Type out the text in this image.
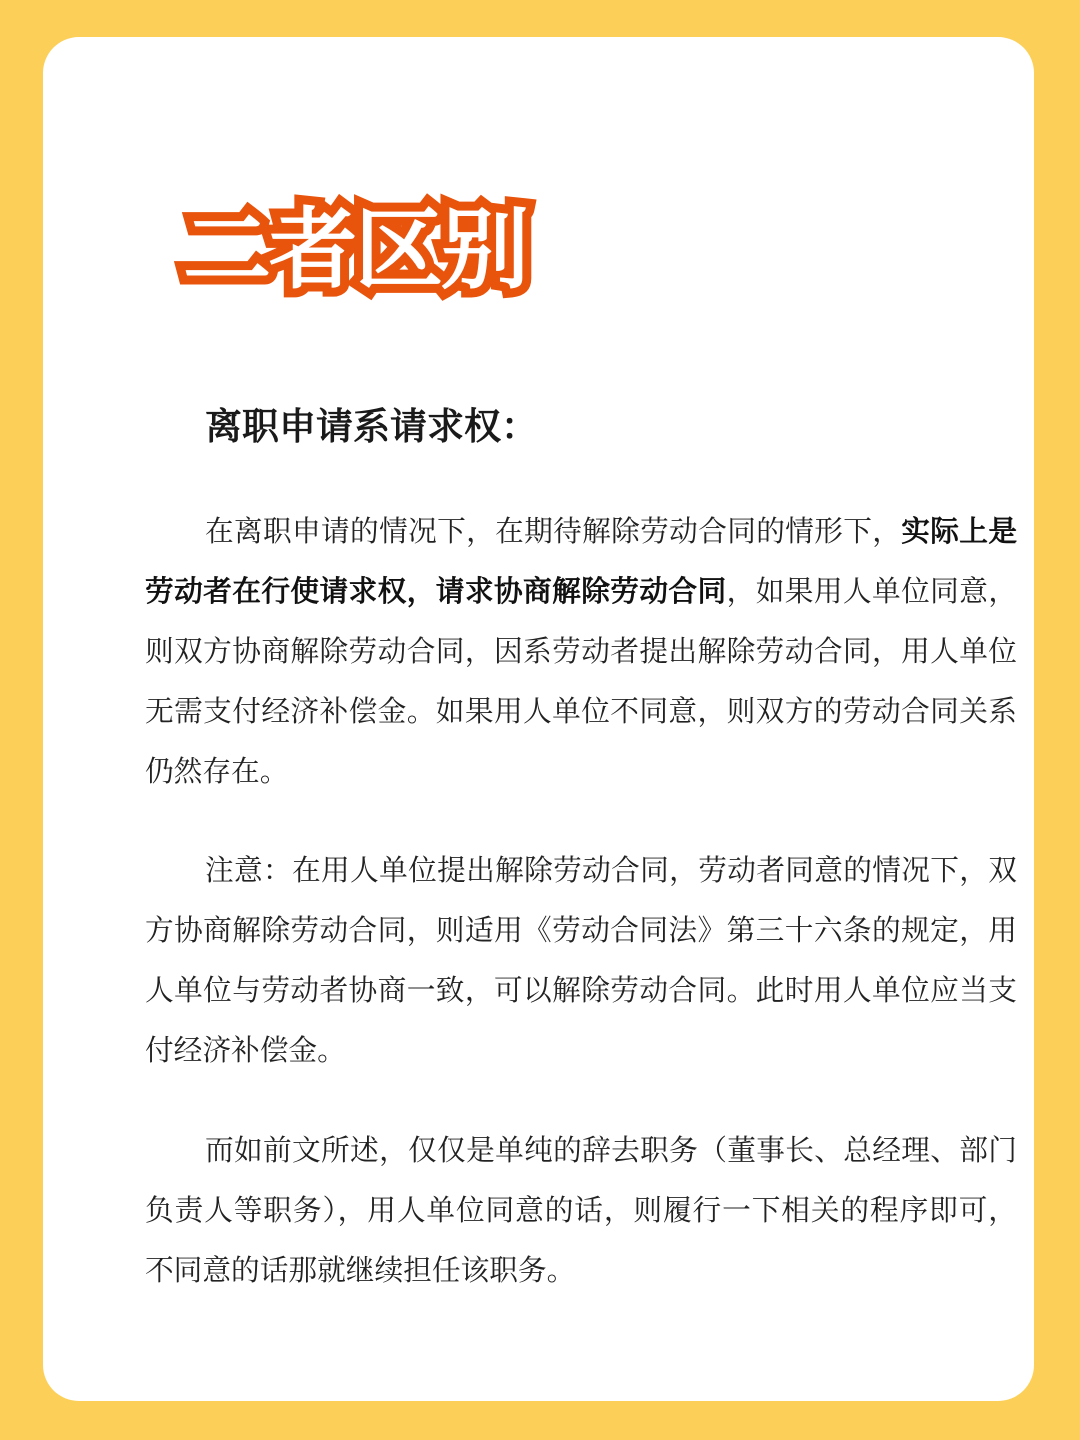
二者区别
离职申请系请求权：

在离职申请的情况下，在期待解除劳动合同的情形下，实际上是劳动者在行使请求权，请求协商解除劳动合同，如果用人单位同意，则双方协商解除劳动合同，因系劳动者提出解除劳动合同，用人单位无需支付经济补偿金。如果用人单位不同意，则双方的劳动合同关系仍然存在。

注意：在用人单位提出解除劳动合同，劳动者同意的情况下，双方协商解除劳动合同，则适用《劳动合同法》第三十六条的规定，用人单位与劳动者协商一致，可以解除劳动合同。此时用人单位应当支付经济补偿金。

而如前文所述，仅仅是单纯的辞去职务（董事长、总经理、部门负责人等职务），用人单位同意的话，则履行一下相关的程序即可，不同意的话那就继续担任该职务。
